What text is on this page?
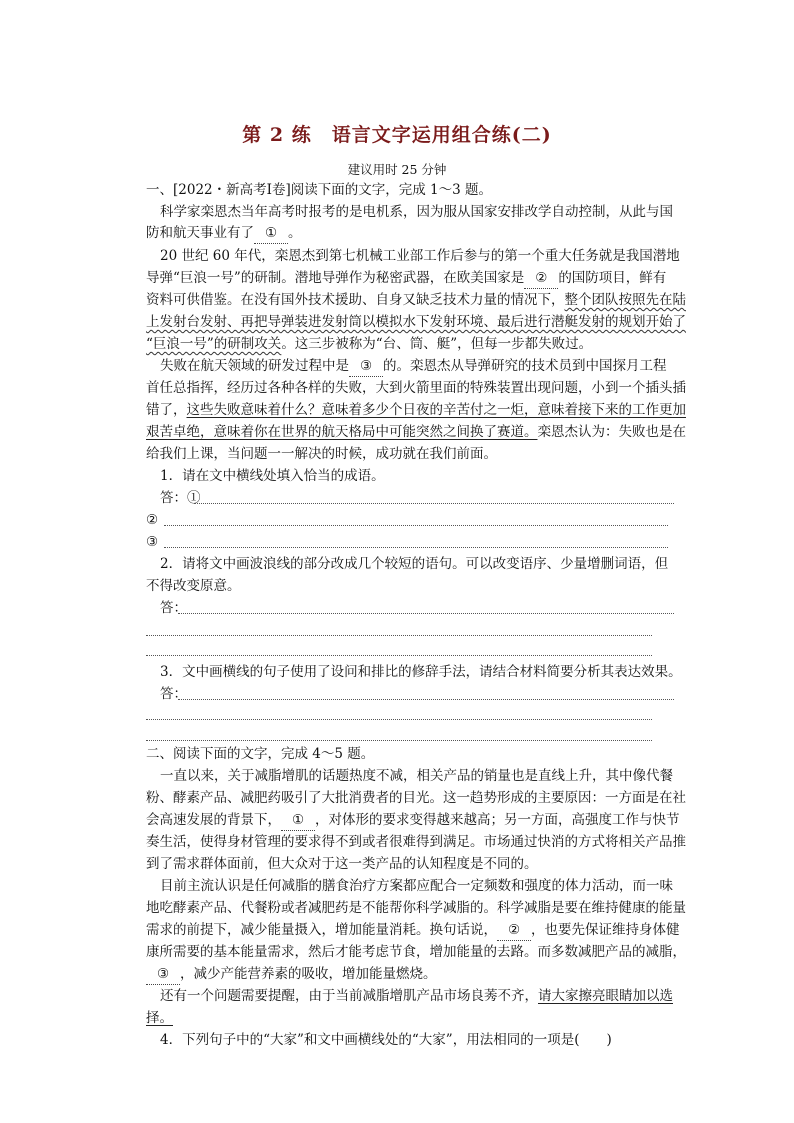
第 2 练　语言文字运用组合练(二)
建议用时 25 分钟
一、[2022・新高考Ⅰ卷]阅读下面的文字，完成 1～3 题。
科学家栾恩杰当年高考时报考的是电机系，因为服从国家安排改学自动控制，从此与国
防和航天事业有了 ① 。
20 世纪 60 年代，栾恩杰到第七机械工业部工作后参与的第一个重大任务就是我国潜地
导弹“巨浪一号”的研制。潜地导弹作为秘密武器，在欧美国家是 ② 的国防项目，鲜有
资料可供借鉴。在没有国外技术援助、自身又缺乏技术力量的情况下，整个团队按照先在陆
上发射台发射、再把导弹装进发射筒以模拟水下发射环境、最后进行潜艇发射的规划开始了
“巨浪一号”的研制攻关。这三步被称为“台、筒、艇”，但每一步都失败过。
失败在航天领域的研发过程中是 ③ 的。栾恩杰从导弹研究的技术员到中国探月工程
首任总指挥，经历过各种各样的失败，大到火箭里面的特殊装置出现问题，小到一个插头插
错了，这些失败意味着什么？意味着多少个日夜的辛苦付之一炬，意味着接下来的工作更加
艰苦卓绝，意味着你在世界的航天格局中可能突然之间换了赛道。栾恩杰认为：失败也是在
给我们上课，当问题一一解决的时候，成功就在我们前面。
1．请在文中横线处填入恰当的成语。
答：①
②
③
2．请将文中画波浪线的部分改成几个较短的语句。可以改变语序、少量增删词语，但
不得改变原意。
答：
3．文中画横线的句子使用了设问和排比的修辞手法，请结合材料简要分析其表达效果。
答：
二、阅读下面的文字，完成 4～5 题。
一直以来，关于减脂增肌的话题热度不减，相关产品的销量也是直线上升，其中像代餐
粉、酵素产品、减肥药吸引了大批消费者的目光。这一趋势形成的主要原因：一方面是在社
会高速发展的背景下， ① ，对体形的要求变得越来越高；另一方面，高强度工作与快节
奏生活，使得身材管理的要求得不到或者很难得到满足。市场通过快消的方式将相关产品推
到了需求群体面前，但大众对于这一类产品的认知程度是不同的。
目前主流认识是任何减脂的膳食治疗方案都应配合一定频数和强度的体力活动，而一味
地吃酵素产品、代餐粉或者减肥药是不能帮你科学减脂的。科学减脂是要在维持健康的能量
需求的前提下，减少能量摄入，增加能量消耗。换句话说， ② ，也要先保证维持身体健
康所需要的基本能量需求，然后才能考虑节食，增加能量的去路。而多数减肥产品的减脂，
③ ，减少产能营养素的吸收，增加能量燃烧。
还有一个问题需要提醒，由于当前减脂增肌产品市场良莠不齐，请大家擦亮眼睛加以选
择。
4．下列句子中的“大家”和文中画横线处的“大家”，用法相同的一项是(　　)
